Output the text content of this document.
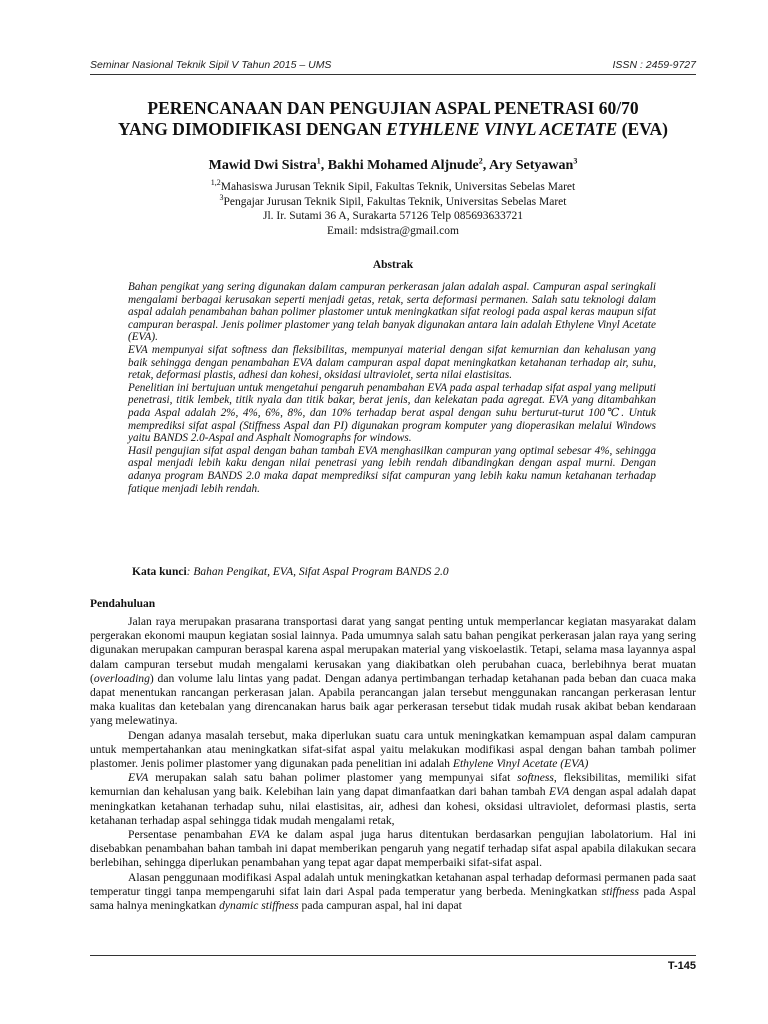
Seminar Nasional Teknik Sipil V Tahun 2015 – UMS	ISSN : 2459-9727
PERENCANAAN DAN PENGUJIAN ASPAL PENETRASI 60/70
YANG DIMODIFIKASI DENGAN ETYHLENE VINYL ACETATE (EVA)
Mawid Dwi Sistra$^1$, Bakhi Mohamed Aljnude$^2$, Ary Setyawan$^3$
$^{1,2}$Mahasiswa Jurusan Teknik Sipil, Fakultas Teknik, Universitas Sebelas Maret
$^3$Pengajar Jurusan Teknik Sipil, Fakultas Teknik, Universitas Sebelas Maret
Jl. Ir. Sutami 36 A, Surakarta 57126 Telp 085693633721
Email: mdsistra@gmail.com
Abstrak

Bahan pengikat yang sering digunakan dalam campuran perkerasan jalan adalah aspal. Campuran aspal seringkali mengalami berbagai kerusakan seperti menjadi getas, retak, serta deformasi permanen. Salah satu teknologi dalam aspal adalah penambahan bahan polimer plastomer untuk meningkatkan sifat reologi pada aspal keras maupun sifat campuran beraspal. Jenis polimer plastomer yang telah banyak digunakan antara lain adalah Ethylene Vinyl Acetate (EVA).

EVA mempunyai sifat softness dan fleksibilitas, mempunyai material dengan sifat kemurnian dan kehalusan yang baik sehingga dengan penambahan EVA dalam campuran aspal dapat meningkatkan ketahanan terhadap air, suhu, retak, deformasi plastis, adhesi dan kohesi, oksidasi ultraviolet, serta nilai elastisitas.

Penelitian ini bertujuan untuk mengetahui pengaruh penambahan EVA pada aspal terhadap sifat aspal yang meliputi penetrasi, titik lembek, titik nyala dan titik bakar, berat jenis, dan kelekatan pada agregat. EVA yang ditambahkan pada Aspal adalah 2%, 4%, 6%, 8%, dan 10% terhadap berat aspal dengan suhu berturut-turut 100℃. Untuk memprediksi sifat aspal (Stiffness Aspal dan PI) digunakan program komputer yang dioperasikan melalui Windows yaitu BANDS 2.0-Aspal and Asphalt Nomographs for windows.

Hasil pengujian sifat aspal dengan bahan tambah EVA menghasilkan campuran yang optimal sebesar 4%, sehingga aspal menjadi lebih kaku dengan nilai penetrasi yang lebih rendah dibandingkan dengan aspal murni. Dengan adanya program BANDS 2.0 maka dapat memprediksi sifat campuran yang lebih kaku namun ketahanan terhadap fatique menjadi lebih rendah.

Kata kunci: Bahan Pengikat, EVA, Sifat Aspal Program BANDS 2.0
Pendahuluan

Jalan raya merupakan prasarana transportasi darat yang sangat penting untuk memperlancar kegiatan masyarakat dalam pergerakan ekonomi maupun kegiatan sosial lainnya. Pada umumnya salah satu bahan pengikat perkerasan jalan raya yang sering digunakan merupakan campuran beraspal karena aspal merupakan material yang viskoelastik. Tetapi, selama masa layannya aspal dalam campuran tersebut mudah mengalami kerusakan yang diakibatkan oleh perubahan cuaca, berlebihnya berat muatan (overloading) dan volume lalu lintas yang padat. Dengan adanya pertimbangan terhadap ketahanan pada beban dan cuaca maka dapat menentukan rancangan perkerasan jalan. Apabila perancangan jalan tersebut menggunakan rancangan perkerasan lentur maka kualitas dan ketebalan yang direncanakan harus baik agar perkerasan tersebut tidak mudah rusak akibat beban kendaraan yang melewatinya.

Dengan adanya masalah tersebut, maka diperlukan suatu cara untuk meningkatkan kemampuan aspal dalam campuran untuk mempertahankan atau meningkatkan sifat-sifat aspal yaitu melakukan modifikasi aspal dengan bahan tambah polimer plastomer. Jenis polimer plastomer yang digunakan pada penelitian ini adalah Ethylene Vinyl Acetate (EVA)

EVA merupakan salah satu bahan polimer plastomer yang mempunyai sifat softness, fleksibilitas, memiliki sifat kemurnian dan kehalusan yang baik. Kelebihan lain yang dapat dimanfaatkan dari bahan tambah EVA dengan aspal adalah dapat meningkatkan ketahanan terhadap suhu, nilai elastisitas, air, adhesi dan kohesi, oksidasi ultraviolet, deformasi plastis, serta ketahanan terhadap aspal sehingga tidak mudah mengalami retak,

Persentase penambahan EVA ke dalam aspal juga harus ditentukan berdasarkan pengujian labolatorium. Hal ini disebabkan penambahan bahan tambah ini dapat memberikan pengaruh yang negatif terhadap sifat aspal apabila dilakukan secara berlebihan, sehingga diperlukan penambahan yang tepat agar dapat memperbaiki sifat-sifat aspal.

Alasan penggunaan modifikasi Aspal adalah untuk meningkatkan ketahanan aspal terhadap deformasi permanen pada saat temperatur tinggi tanpa mempengaruhi sifat lain dari Aspal pada temperatur yang berbeda. Meningkatkan stiffness pada Aspal sama halnya meningkatkan dynamic stiffness pada campuran aspal, hal ini dapat

T-145
